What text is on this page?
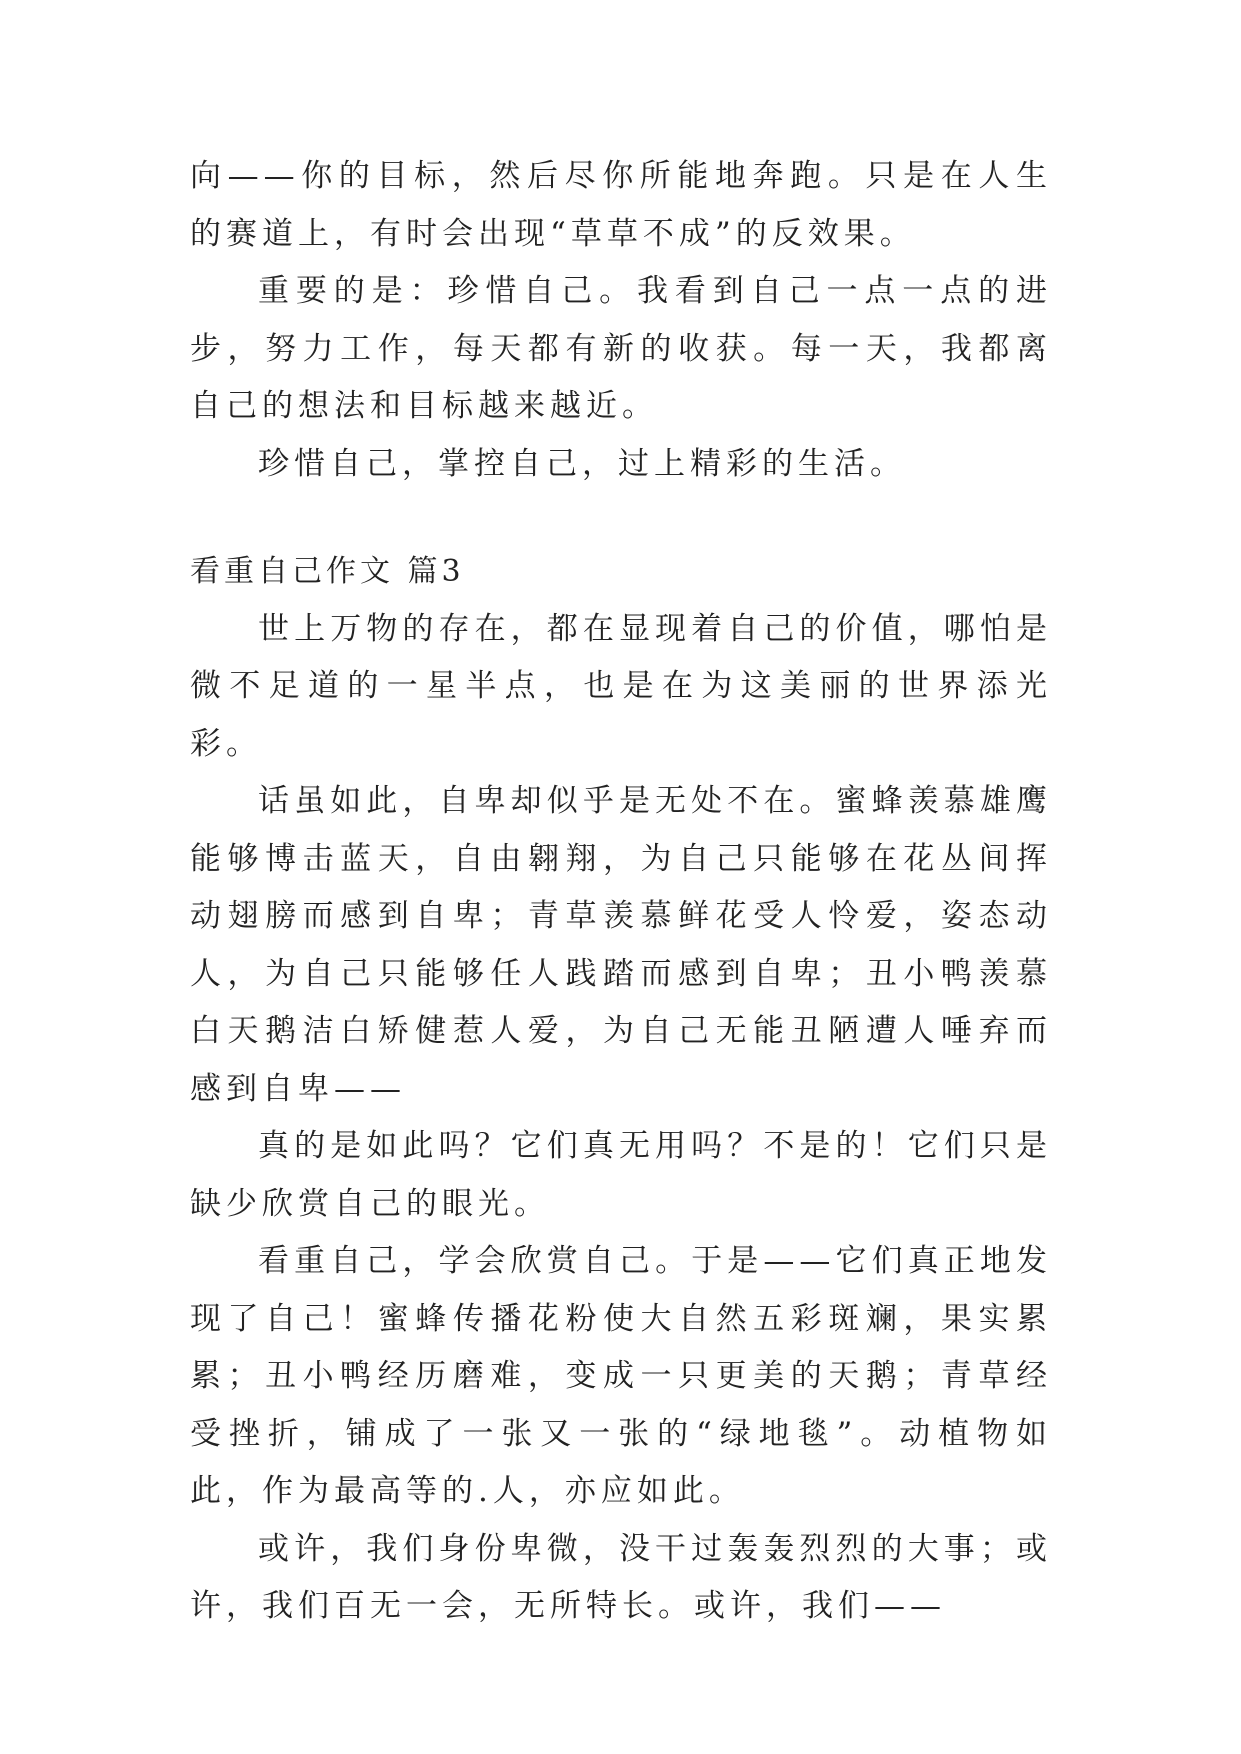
向——你的目标，然后尽你所能地奔跑。只是在人生的赛道上，有时会出现“草草不成”的反效果。

重要的是：珍惜自己。我看到自己一点一点的进步，努力工作，每天都有新的收获。每一天，我都离自己的想法和目标越来越近。

珍惜自己，掌控自己，过上精彩的生活。

看重自己作文 篇3

世上万物的存在，都在显现着自己的价值，哪怕是微不足道的一星半点，也是在为这美丽的世界添光彩。

话虽如此，自卑却似乎是无处不在。蜜蜂羡慕雄鹰能够博击蓝天，自由翱翔，为自己只能够在花丛间挥动翅膀而感到自卑；青草羡慕鲜花受人怜爱，姿态动人，为自己只能够任人践踏而感到自卑；丑小鸭羡慕白天鹅洁白矫健惹人爱，为自己无能丑陋遭人唾弃而感到自卑——

真的是如此吗？它们真无用吗？不是的！它们只是缺少欣赏自己的眼光。

看重自己，学会欣赏自己。于是——它们真正地发现了自己！蜜蜂传播花粉使大自然五彩斑斓，果实累累；丑小鸭经历磨难，变成一只更美的天鹅；青草经受挫折，铺成了一张又一张的“绿地毯”。动植物如此，作为最高等的.人，亦应如此。

或许，我们身份卑微，没干过轰轰烈烈的大事；或许，我们百无一会，无所特长。或许，我们——
